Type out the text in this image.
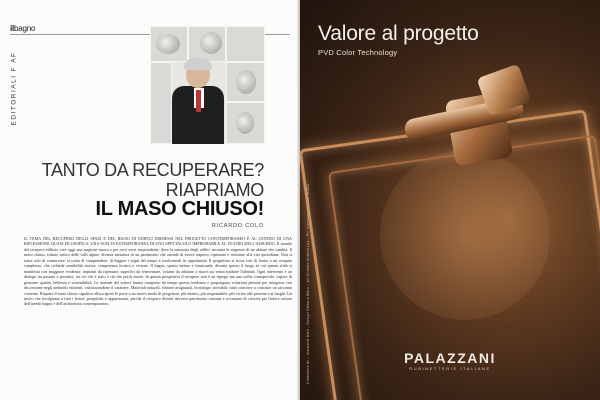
ilbagno
EDITORIALI F AF
TANTO DA RECUPERARE?
RIAPRIAMO
IL MASO CHIUSO!
RICARDO COLO
IL TEMA DEL RECUPERO DEGLI SPAZI E DEL RIUSO DI EDIFICI DISMESSI NEL PROGETTO CONTEMPORANEO È AL CENTRO DI UNA RIFLESSIONE QUASI FILOSOFICA: UNA SCELTA ESTEMPORANEA DI UNO SPETTACOLO IMPROBABILE AL TEATRO DELL'ASSURDO. Il mondo del recupero edilizio vive oggi una stagione nuova e per certi versi sorprendente, dove la memoria degli edifici incontra le esigenze di un abitare che cambia. Il maso chiuso, istituto antico delle valli alpine, diventa metafora di un patrimonio che attende di essere riaperto, ripensato e restituito alla vita quotidiana. Non si tratta solo di conservare: si tratta di comprendere, di leggere i segni del tempo e trasformarli in opportunità. Il progettista si trova così di fronte a un compito complesso, che richiede sensibilità storica, competenza tecnica e visione. Il bagno, spazio intimo e funzionale, diventa spesso il luogo in cui questa sfida si manifesta con maggiore evidenza: impianti da ripensare, superfici da reinventare, volumi da adattare a nuovi usi senza tradirne l'identità. Ogni intervento è un dialogo tra passato e presente, tra ciò che è stato e ciò che potrà essere. In questa prospettiva il recupero non è un ripiego ma una scelta consapevole, capace di generare qualità, bellezza e sostenibilità. Le aziende del settore hanno compreso da tempo questa tendenza e propongono soluzioni pensate per integrarsi con discrezione negli ambienti esistenti, valorizzandone il carattere. Materiali naturali, finiture artigianali, tecnologie invisibili: tutto concorre a costruire un racconto coerente. Riaprire il maso chiuso significa allora aprire le porte a un nuovo modo di progettare, più attento, più responsabile, più vicino alle persone e ai luoghi. Un invito che rivolgiamo a tutti i lettori, progettisti e appassionati, perché il recupero diventi davvero patrimonio comune e occasione di crescita per l'intero settore dell'arredo bagno e dell'architettura contemporanea.
Valore al progetto
PVD Color Technology
Collezione Ali – Industrial Bath – Design Stefano Maro – Art Director Andrea Lux – Ph. Domenico Simone Studio	PALAZZANI
RUBINETTERIE ITALIANE
